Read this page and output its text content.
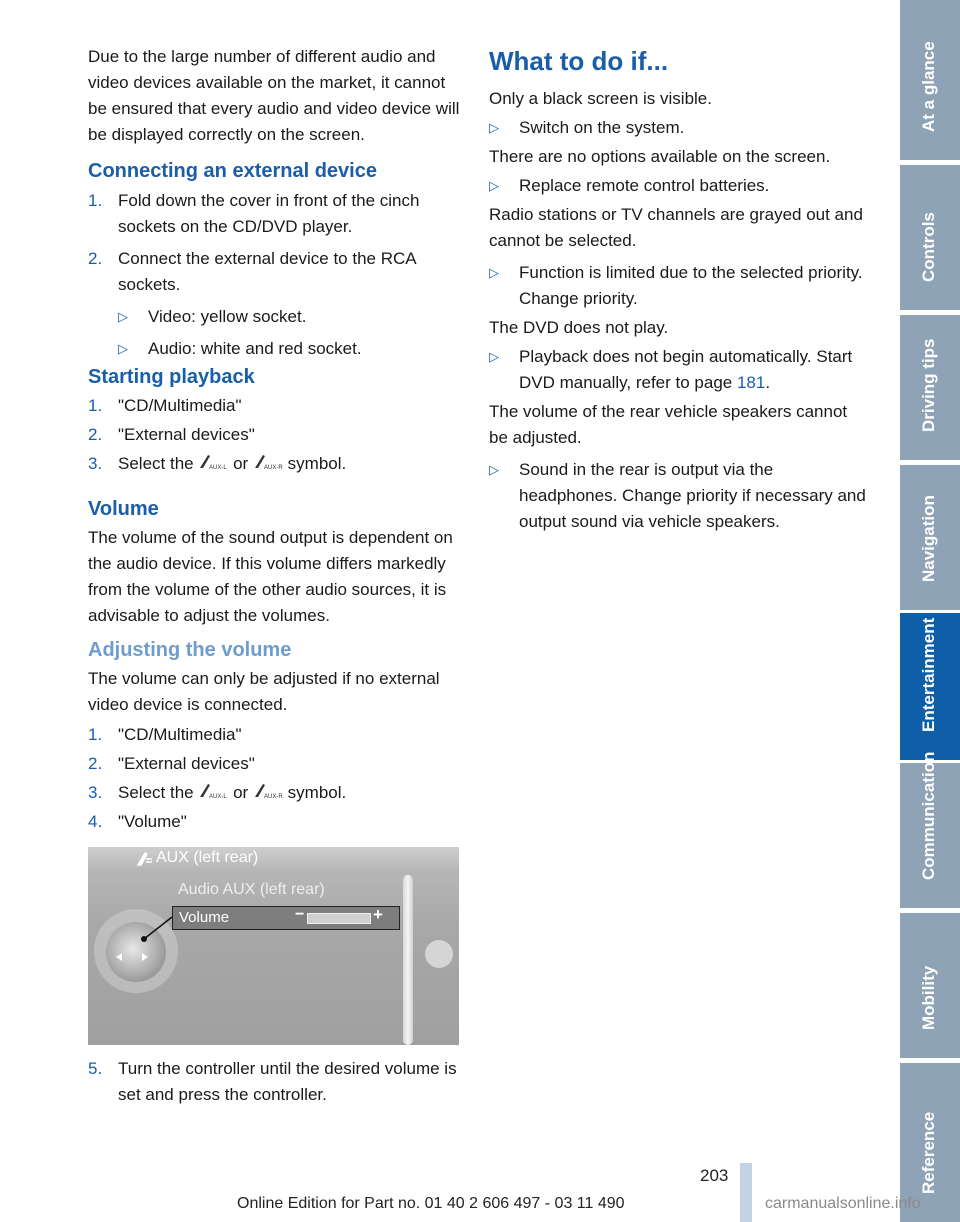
Due to the large number of different audio and video devices available on the market, it cannot be ensured that every audio and video device will be displayed correctly on the screen.
Connecting an external device
1. Fold down the cover in front of the cinch sockets on the CD/DVD player.
2. Connect the external device to the RCA sockets.
▷ Video: yellow socket.
▷ Audio: white and red socket.
Starting playback
1. "CD/Multimedia"
2. "External devices"
3. Select the	AUX-L or	AUX-R symbol.
Volume
The volume of the sound output is dependent on the audio device. If this volume differs markedly from the volume of the other audio sources, it is advisable to adjust the volumes.
Adjusting the volume
The volume can only be adjusted if no external video device is connected.
1. "CD/Multimedia"
2. "External devices"
3. Select the	AUX-L or	AUX-R symbol.
4. "Volume"
AUX (left rear)
Audio AUX (left rear)
Volume	−	+
5. Turn the controller until the desired volume is set and press the controller.
What to do if...
Only a black screen is visible.
▷ Switch on the system.
There are no options available on the screen.
▷ Replace remote control batteries.
Radio stations or TV channels are grayed out and cannot be selected.
▷ Function is limited due to the selected priority. Change priority.
The DVD does not play.
▷ Playback does not begin automatically. Start DVD manually, refer to page 181.
The volume of the rear vehicle speakers cannot be adjusted.
▷ Sound in the rear is output via the headphones. Change priority if necessary and output sound via vehicle speakers.
At a glance
Controls
Driving tips
Navigation
Entertainment
Communication
Mobility
Reference
203
Online Edition for Part no. 01 40 2 606 497 - 03 11 490	carmanualsonline.info
